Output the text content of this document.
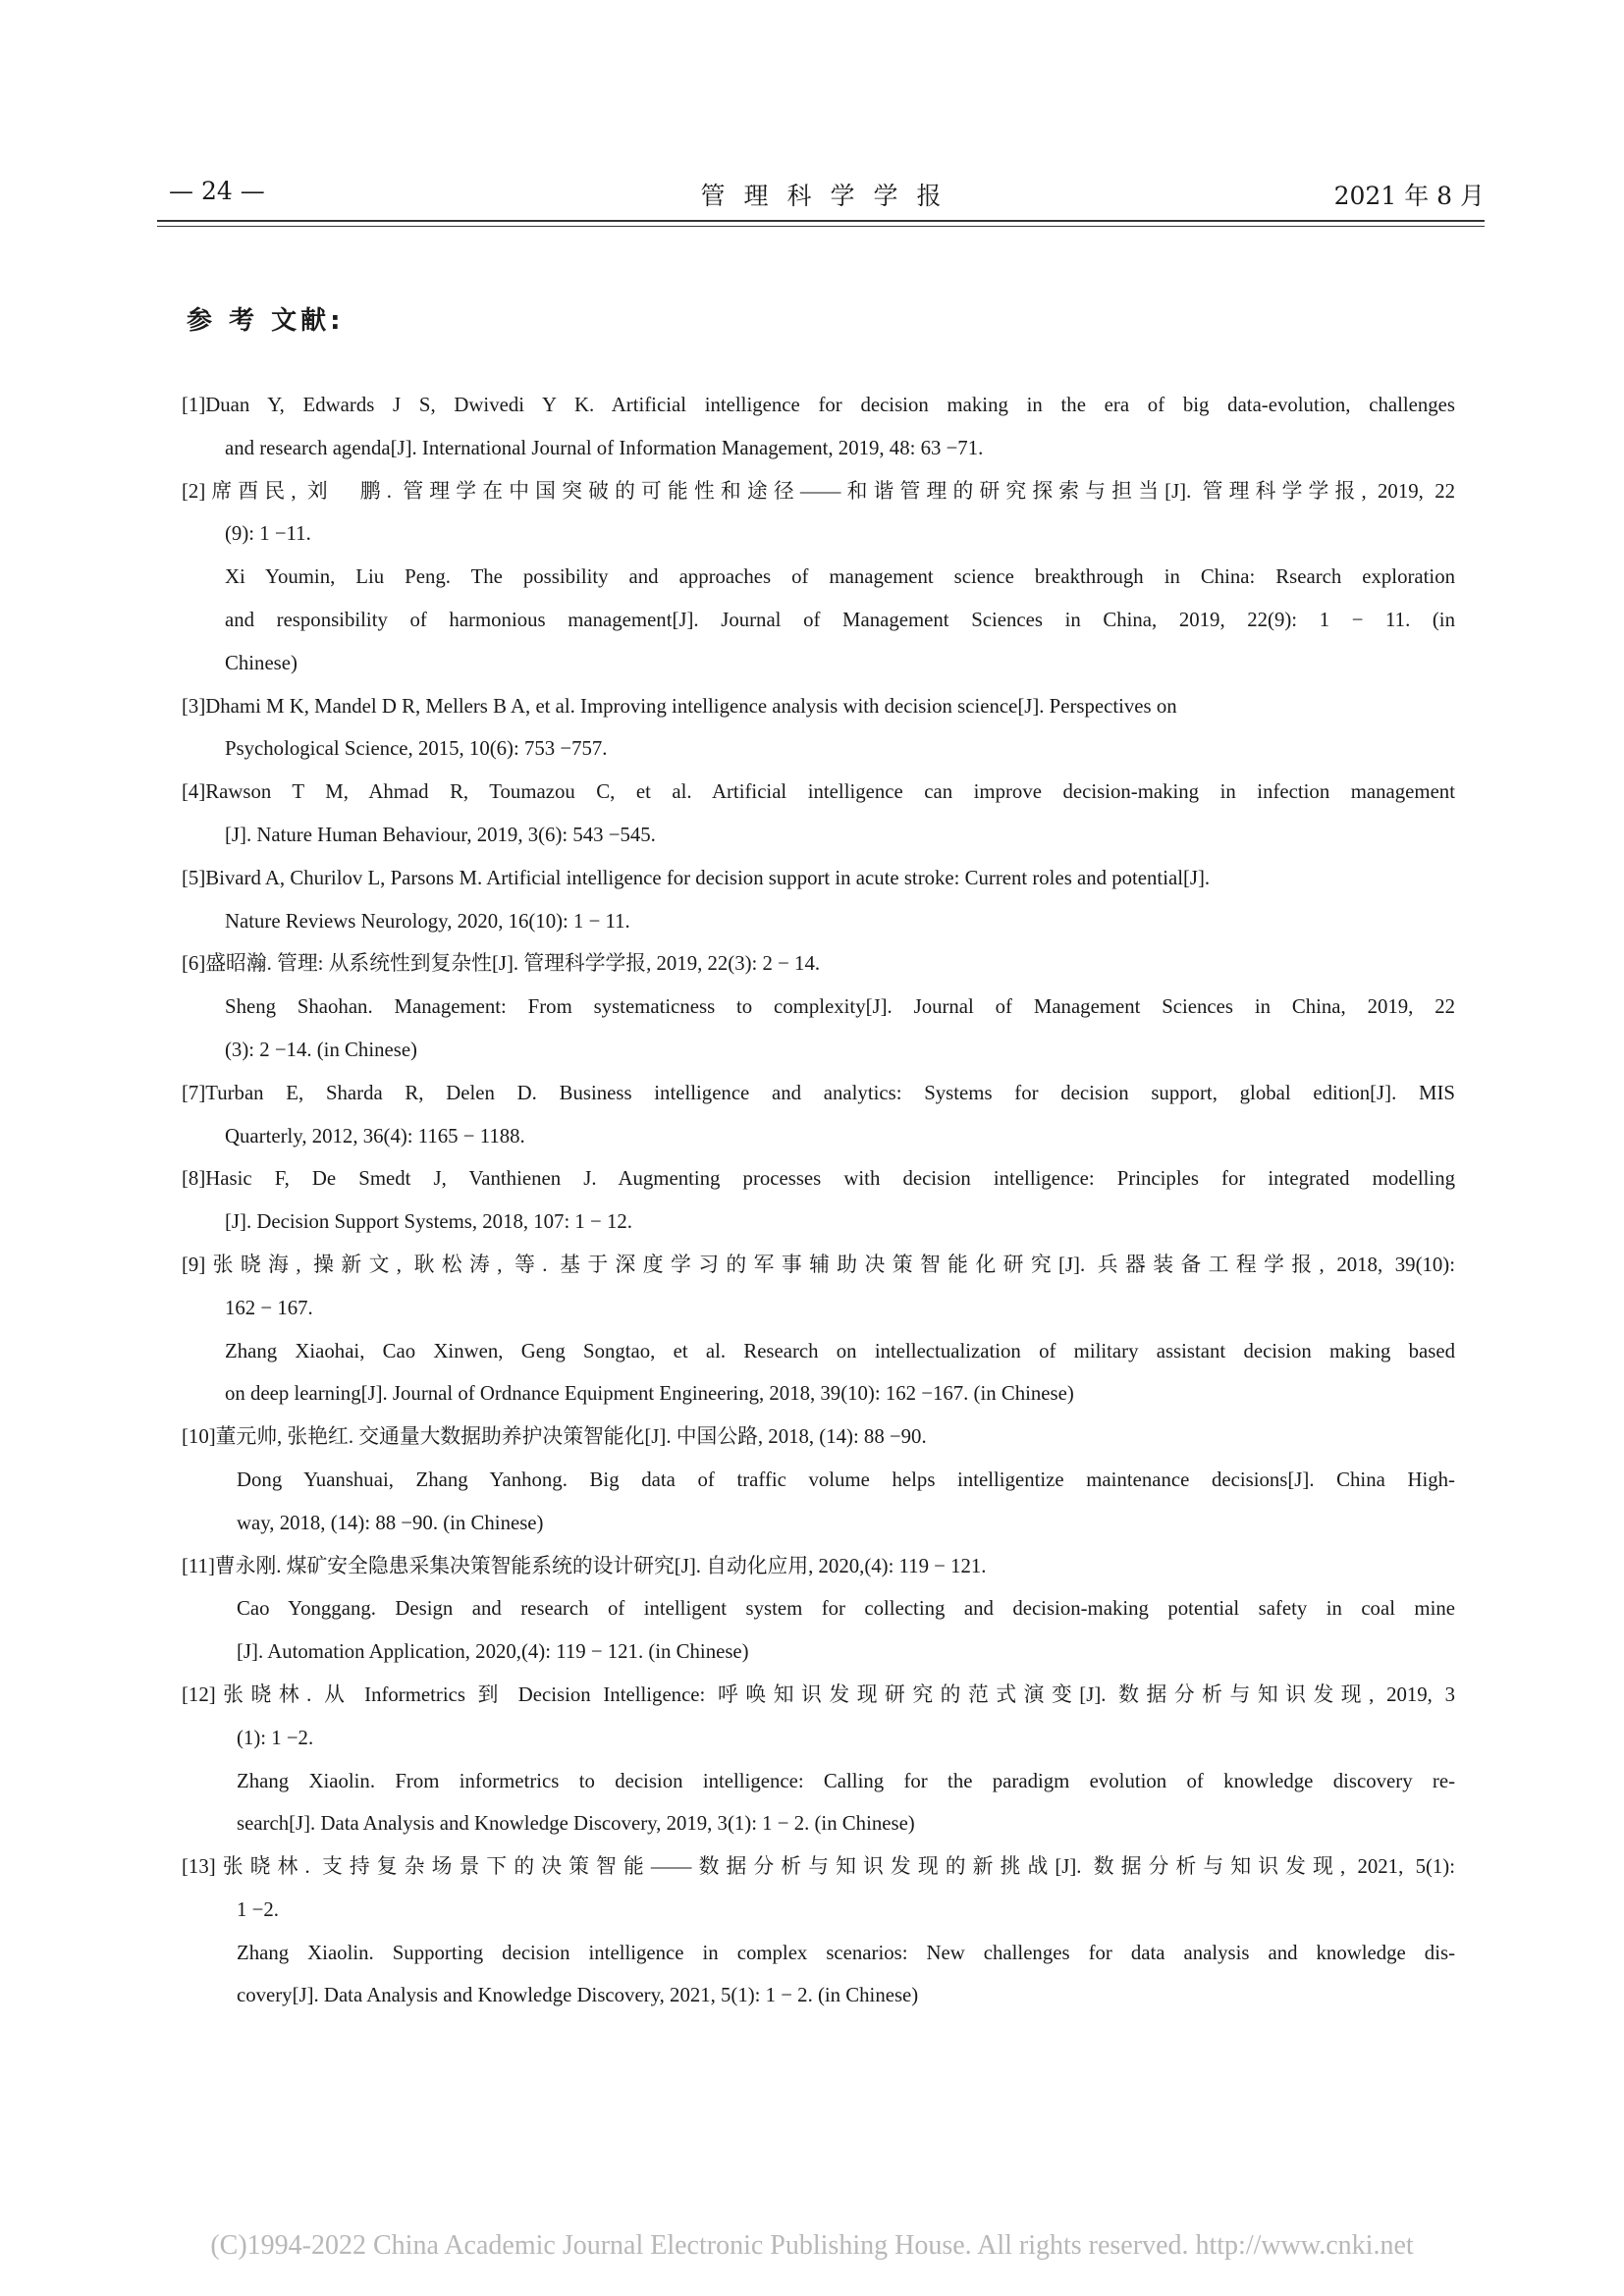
— 24 —	管理科学学报	2021 年 8 月
参 考 文献:
[1]Duan Y, Edwards J S, Dwivedi Y K. Artificial intelligence for decision making in the era of big data-evolution, challenges
and research agenda[J]. International Journal of Information Management, 2019, 48: 63 −71.
[2]席酉民, 刘　鹏. 管理学在中国突破的可能性和途径——和谐管理的研究探索与担当[J]. 管理科学学报, 2019, 22
(9): 1 −11.
Xi Youmin, Liu Peng. The possibility and approaches of management science breakthrough in China: Rsearch exploration
and responsibility of harmonious management[J]. Journal of Management Sciences in China, 2019, 22(9): 1 − 11. (in
Chinese)
[3]Dhami M K, Mandel D R, Mellers B A, et al. Improving intelligence analysis with decision science[J]. Perspectives on
Psychological Science, 2015, 10(6): 753 −757.
[4]Rawson T M, Ahmad R, Toumazou C, et al. Artificial intelligence can improve decision-making in infection management
[J]. Nature Human Behaviour, 2019, 3(6): 543 −545.
[5]Bivard A, Churilov L, Parsons M. Artificial intelligence for decision support in acute stroke: Current roles and potential[J].
Nature Reviews Neurology, 2020, 16(10): 1 − 11.
[6]盛昭瀚. 管理: 从系统性到复杂性[J]. 管理科学学报, 2019, 22(3): 2 − 14.
Sheng Shaohan. Management: From systematicness to complexity[J]. Journal of Management Sciences in China, 2019, 22
(3): 2 −14. (in Chinese)
[7]Turban E, Sharda R, Delen D. Business intelligence and analytics: Systems for decision support, global edition[J]. MIS
Quarterly, 2012, 36(4): 1165 − 1188.
[8]Hasic F, De Smedt J, Vanthienen J. Augmenting processes with decision intelligence: Principles for integrated modelling
[J]. Decision Support Systems, 2018, 107: 1 − 12.
[9]张晓海, 操新文, 耿松涛, 等. 基于深度学习的军事辅助决策智能化研究[J]. 兵器装备工程学报, 2018, 39(10):
162 − 167.
Zhang Xiaohai, Cao Xinwen, Geng Songtao, et al. Research on intellectualization of military assistant decision making based
on deep learning[J]. Journal of Ordnance Equipment Engineering, 2018, 39(10): 162 −167. (in Chinese)
[10]董元帅, 张艳红. 交通量大数据助养护决策智能化[J]. 中国公路, 2018, (14): 88 −90.
Dong Yuanshuai, Zhang Yanhong. Big data of traffic volume helps intelligentize maintenance decisions[J]. China High-
way, 2018, (14): 88 −90. (in Chinese)
[11]曹永刚. 煤矿安全隐患采集决策智能系统的设计研究[J]. 自动化应用, 2020,(4): 119 − 121.
Cao Yonggang. Design and research of intelligent system for collecting and decision-making potential safety in coal mine
[J]. Automation Application, 2020,(4): 119 − 121. (in Chinese)
[12]张晓林. 从 Informetrics 到 Decision Intelligence: 呼唤知识发现研究的范式演变[J]. 数据分析与知识发现, 2019, 3
(1): 1 −2.
Zhang Xiaolin. From informetrics to decision intelligence: Calling for the paradigm evolution of knowledge discovery re-
search[J]. Data Analysis and Knowledge Discovery, 2019, 3(1): 1 − 2. (in Chinese)
[13]张晓林. 支持复杂场景下的决策智能——数据分析与知识发现的新挑战[J]. 数据分析与知识发现, 2021, 5(1):
1 −2.
Zhang Xiaolin. Supporting decision intelligence in complex scenarios: New challenges for data analysis and knowledge dis-
covery[J]. Data Analysis and Knowledge Discovery, 2021, 5(1): 1 − 2. (in Chinese)
(C)1994-2022 China Academic Journal Electronic Publishing House. All rights reserved. http://www.cnki.net
